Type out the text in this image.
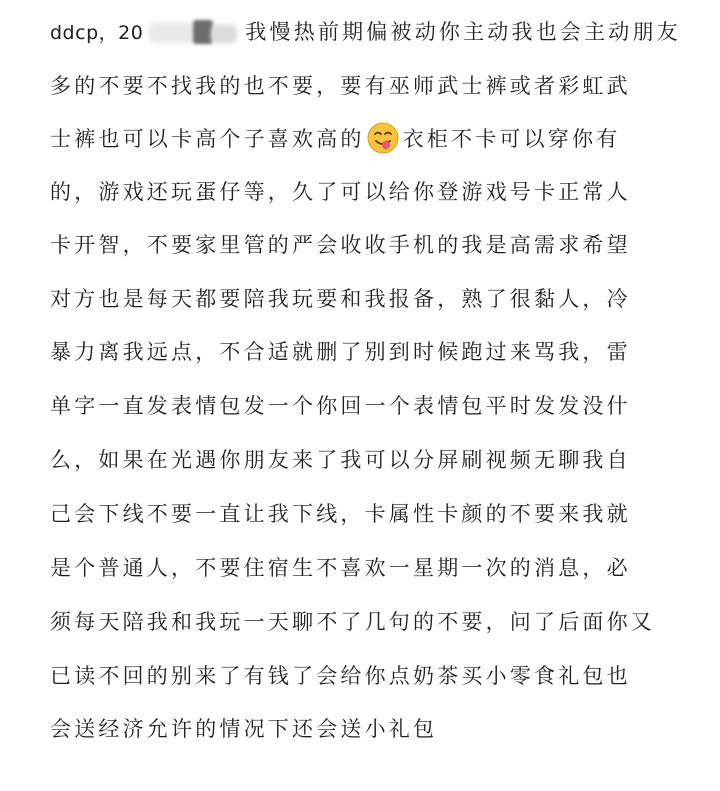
ddcp，20	我慢热前期偏被动你主动我也会主动朋友
多的不要不找我的也不要，要有巫师武士裤或者彩虹武
士裤也可以卡高个子喜欢高的 衣柜不卡可以穿你有
的，游戏还玩蛋仔等，久了可以给你登游戏号卡正常人
卡开智，不要家里管的严会收收手机的我是高需求希望
对方也是每天都要陪我玩要和我报备，熟了很黏人，冷
暴力离我远点，不合适就删了别到时候跑过来骂我，雷
单字一直发表情包发一个你回一个表情包平时发发没什
么，如果在光遇你朋友来了我可以分屏刷视频无聊我自
己会下线不要一直让我下线，卡属性卡颜的不要来我就
是个普通人，不要住宿生不喜欢一星期一次的消息，必
须每天陪我和我玩一天聊不了几句的不要，问了后面你又
已读不回的别来了有钱了会给你点奶茶买小零食礼包也
会送经济允许的情况下还会送小礼包
